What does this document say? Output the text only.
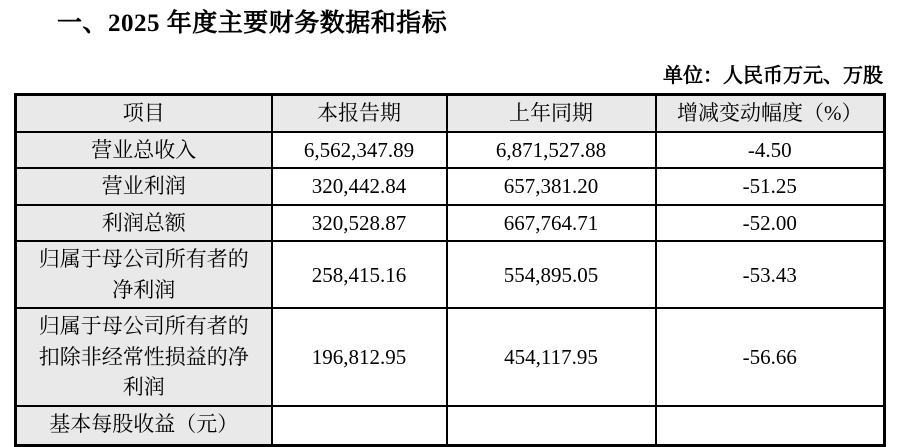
一、2025 年度主要财务数据和指标
单位：人民币万元、万股
项目	本报告期	上年同期	增减变动幅度（%）
营业总收入	6,562,347.89	6,871,527.88	-4.50
营业利润	320,442.84	657,381.20	-51.25
利润总额	320,528.87	667,764.71	-52.00
归属于母公司所有者的净利润	258,415.16	554,895.05	-53.43
归属于母公司所有者的扣除非经常性损益的净利润	196,812.95	454,117.95	-56.66
基本每股收益（元）			
